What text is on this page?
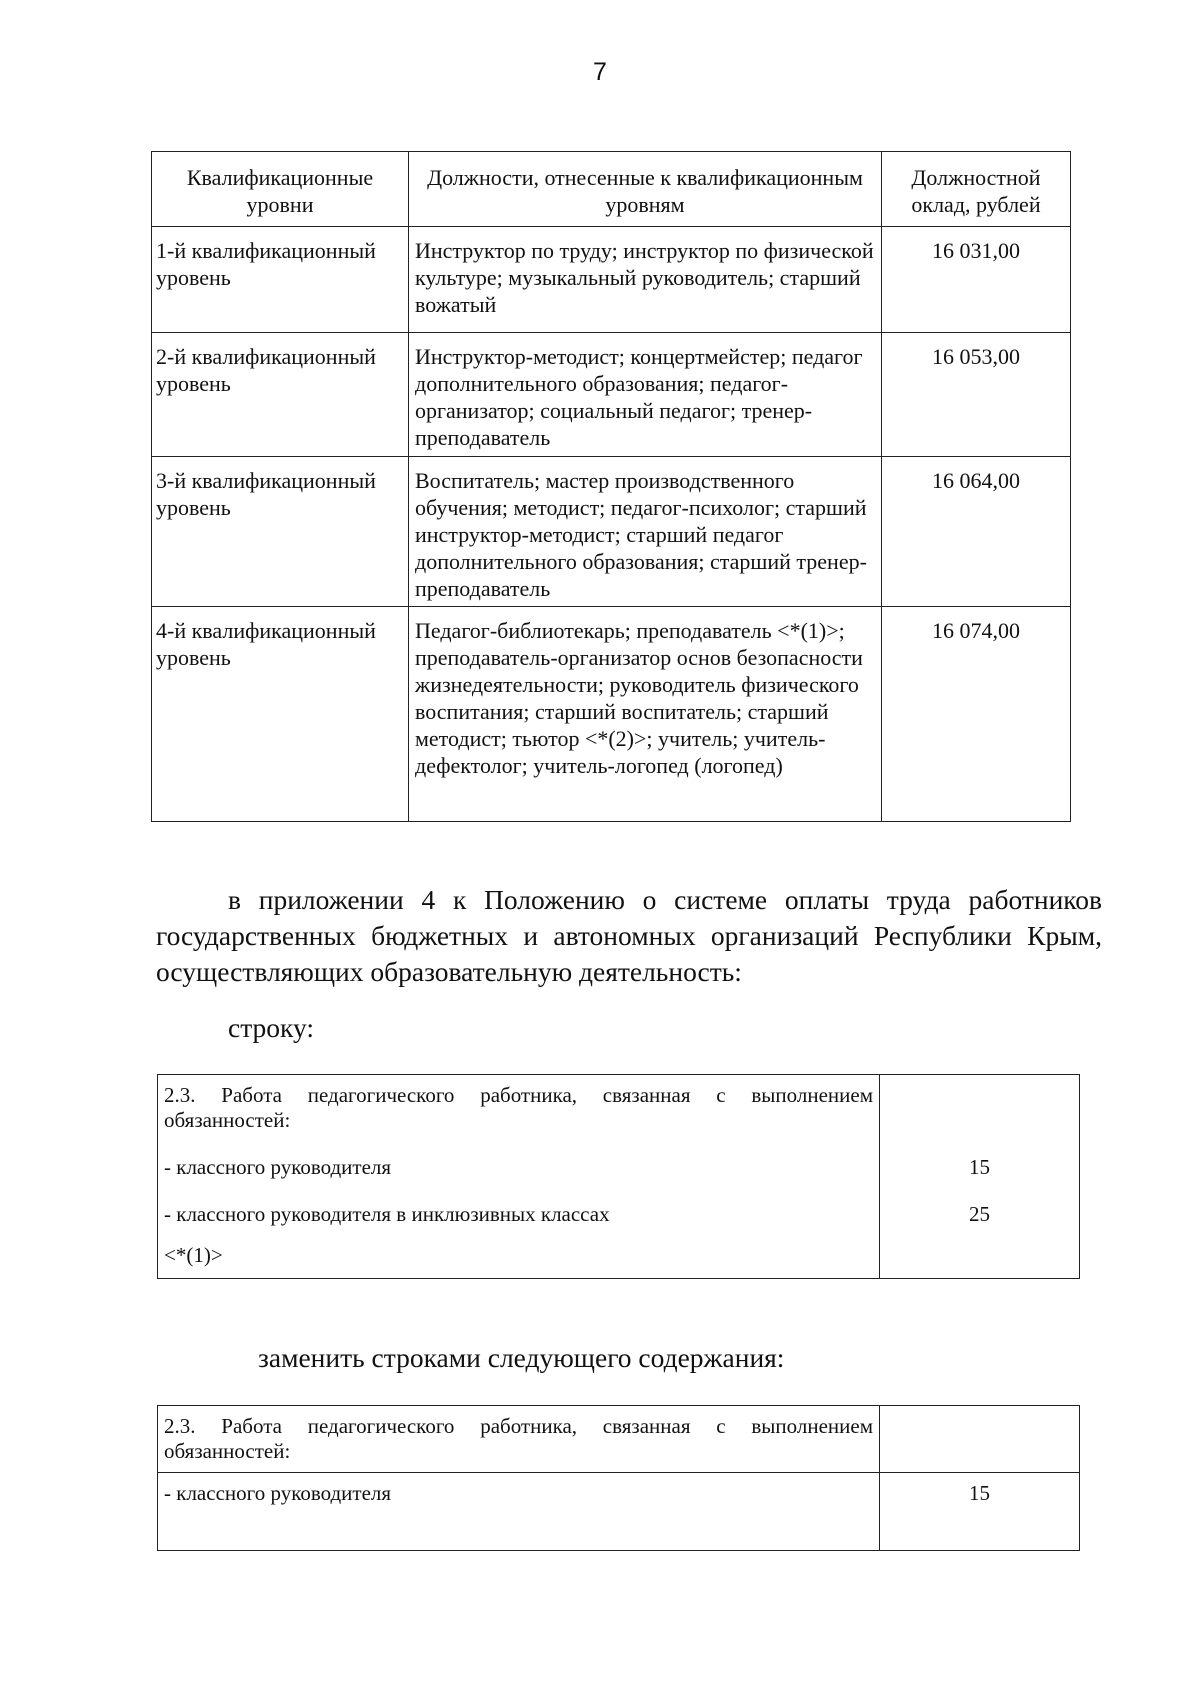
7
Квалификационные уровни	Должности, отнесенные к квалификационным уровням	Должностной оклад, рублей
1-й квалификационный уровень	Инструктор по труду; инструктор по физической культуре; музыкальный руководитель; старший вожатый	16 031,00
2-й квалификационный уровень	Инструктор-методист; концертмейстер; педагог дополнительного образования; педагог-организатор; социальный педагог; тренер-преподаватель	16 053,00
3-й квалификационный уровень	Воспитатель; мастер производственного обучения; методист; педагог-психолог; старший инструктор-методист; старший педагог дополнительного образования; старший тренер-преподаватель	16 064,00
4-й квалификационный уровень	Педагог-библиотекарь; преподаватель <*(1)>; преподаватель-организатор основ безопасности жизнедеятельности; руководитель физического воспитания; старший воспитатель; старший методист; тьютор <*(2)>; учитель; учитель-дефектолог; учитель-логопед (логопед)	16 074,00
в приложении 4 к Положению о системе оплаты труда работников государственных бюджетных и автономных организаций Республики Крым, осуществляющих образовательную деятельность:
строку:
2.3. Работа педагогического работника, связанная с выполнением обязанностей:	
- классного руководителя	15
- классного руководителя в инклюзивных классах	25
<*(1)>	
заменить строками следующего содержания:
2.3. Работа педагогического работника, связанная с выполнением обязанностей:	
- классного руководителя	15
